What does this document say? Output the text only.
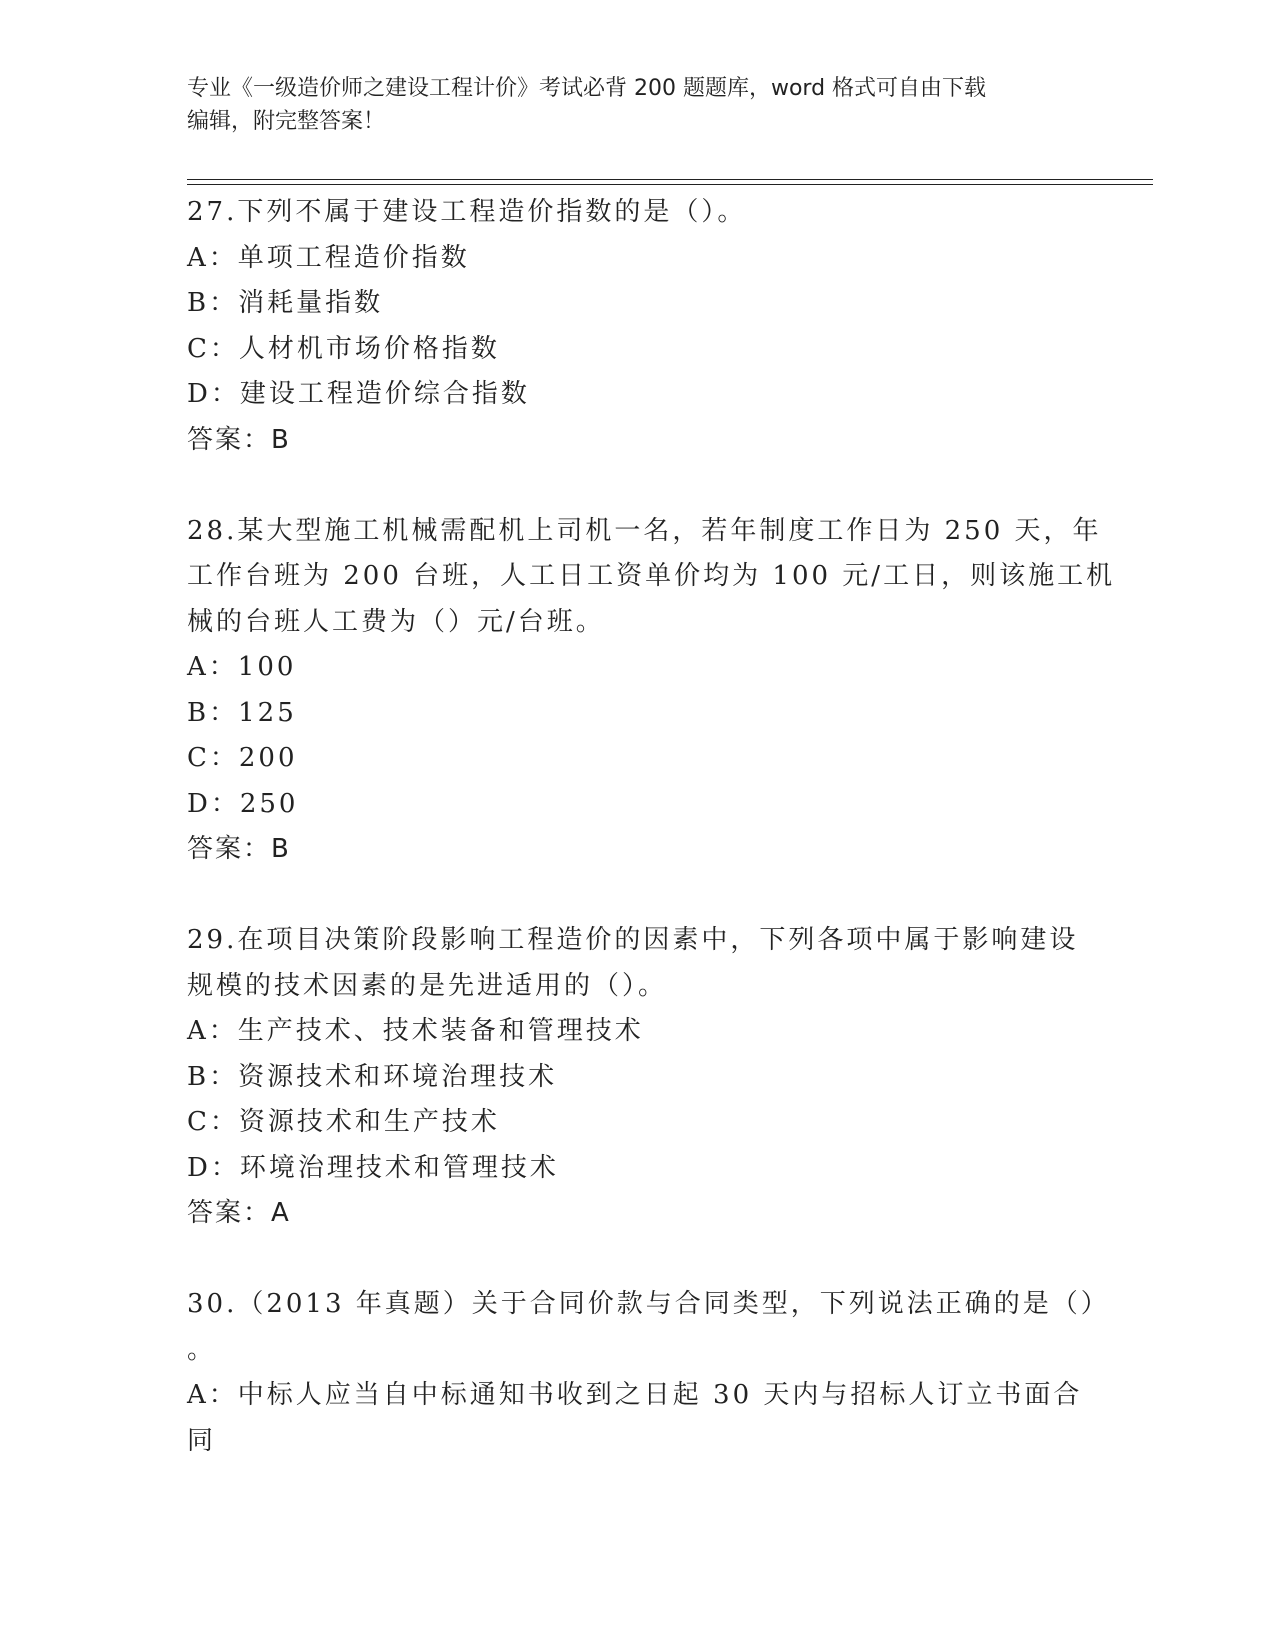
专业《一级造价师之建设工程计价》考试必背 200 题题库，word 格式可自由下载
编辑，附完整答案！
27.下列不属于建设工程造价指数的是（）。
A：单项工程造价指数
B：消耗量指数
C：人材机市场价格指数
D：建设工程造价综合指数
答案：B
28.某大型施工机械需配机上司机一名，若年制度工作日为 250 天，年
工作台班为 200 台班，人工日工资单价均为 100 元/工日，则该施工机
械的台班人工费为（）元/台班。
A：100
B：125
C：200
D：250
答案：B
29.在项目决策阶段影响工程造价的因素中，下列各项中属于影响建设
规模的技术因素的是先进适用的（）。
A：生产技术、技术装备和管理技术
B：资源技术和环境治理技术
C：资源技术和生产技术
D：环境治理技术和管理技术
答案：A
30.（2013 年真题）关于合同价款与合同类型，下列说法正确的是（）
。
A：中标人应当自中标通知书收到之日起 30 天内与招标人订立书面合
同
